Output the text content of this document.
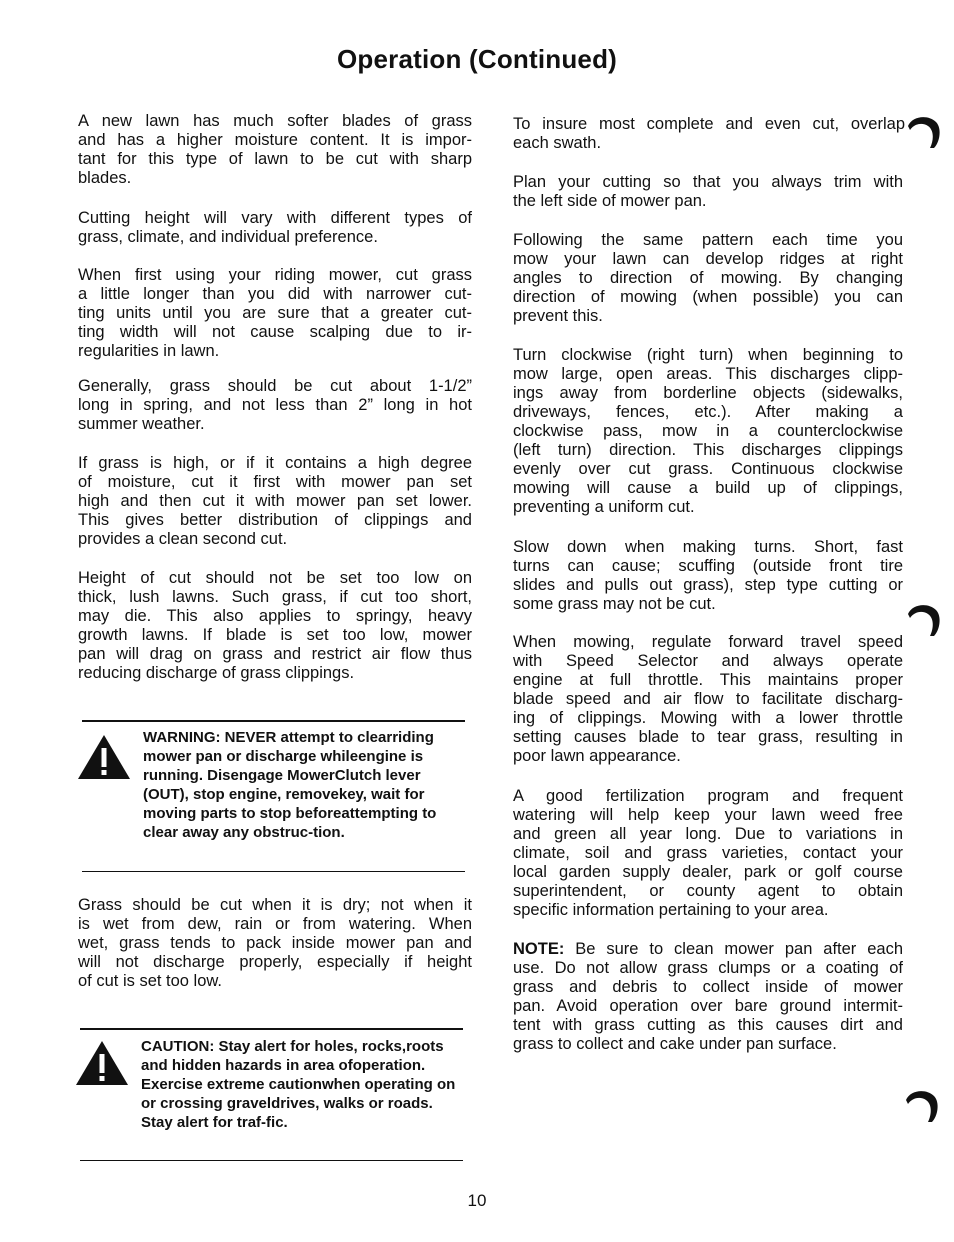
Operation (Continued)
A new lawn has much softer blades of grass
and has a higher moisture content. It is impor-
tant for this type of lawn to be cut with sharp
blades.
Cutting height will vary with different types of
grass, climate, and individual preference.
When first using your riding mower, cut grass
a little longer than you did with narrower cut-
ting units until you are sure that a greater cut-
ting width will not cause scalping due to ir-
regularities in lawn.
Generally, grass should be cut about 1-1/2”
long in spring, and not less than 2” long in hot
summer weather.
If grass is high, or if it contains a high degree
of moisture, cut it first with mower pan set
high and then cut it with mower pan set lower.
This gives better distribution of clippings and
provides a clean second cut.
Height of cut should not be set too low on
thick, lush lawns. Such grass, if cut too short,
may die. This also applies to springy, heavy
growth lawns. If blade is set too low, mower
pan will drag on grass and restrict air flow thus
reducing discharge of grass clippings.
Grass should be cut when it is dry; not when it
is wet from dew, rain or from watering. When
wet, grass tends to pack inside mower pan and
will not discharge properly, especially if height
of cut is set too low.
WARNING: NEVER attempt to clearriding mower pan or discharge whileengine is running. Disengage MowerClutch lever (OUT), stop engine, removekey, wait for moving parts to stop beforeattempting to clear away any obstruc-tion.
CAUTION: Stay alert for holes, rocks,roots and hidden hazards in area ofoperation. Exercise extreme cautionwhen operating on or crossing graveldrives, walks or roads. Stay alert for traf-fic.
To insure most complete and even cut, overlap
each swath.
Plan your cutting so that you always trim with
the left side of mower pan.
Following the same pattern each time you
mow your lawn can develop ridges at right
angles to direction of mowing. By changing
direction of mowing (when possible) you can
prevent this.
Turn clockwise (right turn) when beginning to
mow large, open areas. This discharges clipp-
ings away from borderline objects (sidewalks,
driveways, fences, etc.). After making a
clockwise pass, mow in a counterclockwise
(left turn) direction. This discharges clippings
evenly over cut grass. Continuous clockwise
mowing will cause a build up of clippings,
preventing a uniform cut.
Slow down when making turns. Short, fast
turns can cause; scuffing (outside front tire
slides and pulls out grass), step type cutting or
some grass may not be cut.
When mowing, regulate forward travel speed
with Speed Selector and always operate
engine at full throttle. This maintains proper
blade speed and air flow to facilitate discharg-
ing of clippings. Mowing with a lower throttle
setting causes blade to tear grass, resulting in
poor lawn appearance.
A good fertilization program and frequent
watering will help keep your lawn weed free
and green all year long. Due to variations in
climate, soil and grass varieties, contact your
local garden supply dealer, park or golf course
superintendent, or county agent to obtain
specific information pertaining to your area.
NOTE: Be sure to clean mower pan after each
use. Do not allow grass clumps or a coating of
grass and debris to collect inside of mower
pan. Avoid operation over bare ground intermit-
tent with grass cutting as this causes dirt and
grass to collect and cake under pan surface.
10
